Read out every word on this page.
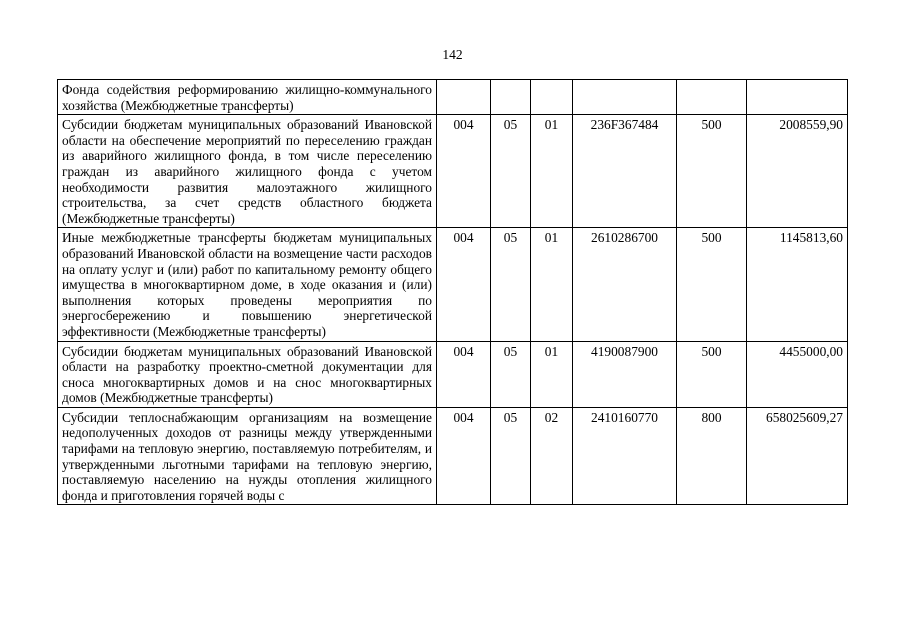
142
Фонда содействия реформированию жилищно-коммунального хозяйства (Межбюджетные трансферты)						
Субсидии бюджетам муниципальных образований Ивановской области на обеспечение мероприятий по переселению граждан из аварийного жилищного фонда, в том числе переселению граждан из аварийного жилищного фонда с учетом необходимости развития малоэтажного жилищного строительства, за счет средств областного бюджета (Межбюджетные трансферты)	004	05	01	236F367484	500	2008559,90
Иные межбюджетные трансферты бюджетам муниципальных образований Ивановской области на возмещение части расходов на оплату услуг и (или) работ по капитальному ремонту общего имущества в многоквартирном доме, в ходе оказания и (или) выполнения которых проведены мероприятия по энергосбережению и повышению энергетической эффективности (Межбюджетные трансферты)	004	05	01	2610286700	500	1145813,60
Субсидии бюджетам муниципальных образований Ивановской области на разработку проектно-сметной документации для сноса многоквартирных домов и на снос многоквартирных домов (Межбюджетные трансферты)	004	05	01	4190087900	500	4455000,00
Субсидии теплоснабжающим организациям на возмещение недополученных доходов от разницы между утвержденными тарифами на тепловую энергию, поставляемую потребителям, и утвержденными льготными тарифами на тепловую энергию, поставляемую населению на нужды отопления жилищного фонда и приготовления горячей воды с	004	05	02	2410160770	800	658025609,27
